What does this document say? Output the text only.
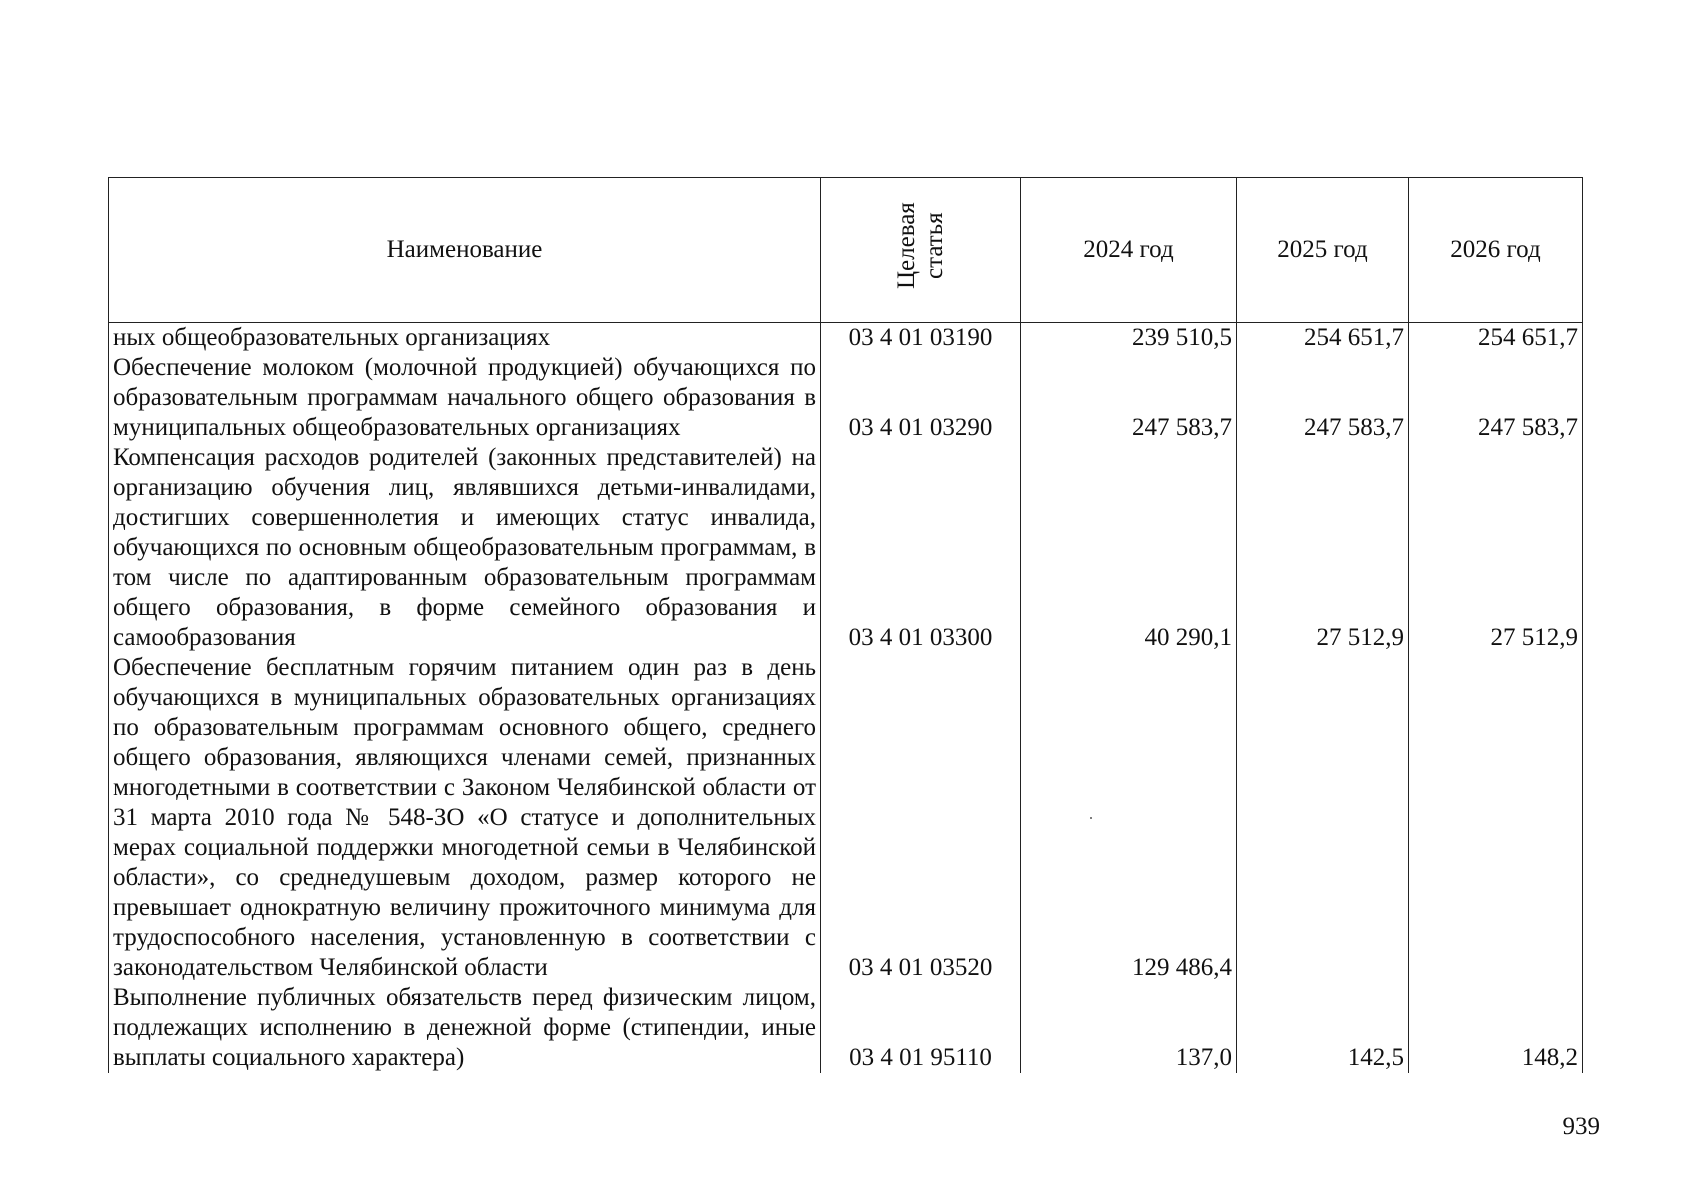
Наименование	Целевая статья	2024 год	2025 год	2026 год
ных общеобразовательных организациях	03 4 01 03190	239 510,5	254 651,7	254 651,7
Обеспечение молоком (молочной продукцией) обучающихся по образовательным программам начального общего образования в муниципальных общеобразовательных организациях	03 4 01 03290	247 583,7	247 583,7	247 583,7
Компенсация расходов родителей (законных представителей) на организацию обучения лиц, являвшихся детьми-инвалидами, достигших совершеннолетия и имеющих статус инвалида, обучающихся по основным общеобразовательным программам, в том числе по адаптированным образовательным программам общего образования, в форме семейного образования и самообразования	03 4 01 03300	40 290,1	27 512,9	27 512,9
Обеспечение бесплатным горячим питанием один раз в день обучающихся в муниципальных образовательных организациях по образовательным программам основного общего, среднего общего образования, являющихся членами семей, признанных многодетными в соответствии с Законом Челябинской области от 31 марта 2010 года № 548-ЗО «О статусе и дополнительных мерах социальной поддержки многодетной семьи в Челябинской области», со среднедушевым доходом, размер которого не превышает однократную величину прожиточного минимума для трудоспособного населения, установленную в соответствии с законодательством Челябинской области	03 4 01 03520	129 486,4		
Выполнение публичных обязательств перед физическим лицом, подлежащих исполнению в денежной форме (стипендии, иные выплаты социального характера)	03 4 01 95110	137,0	142,5	148,2
939
